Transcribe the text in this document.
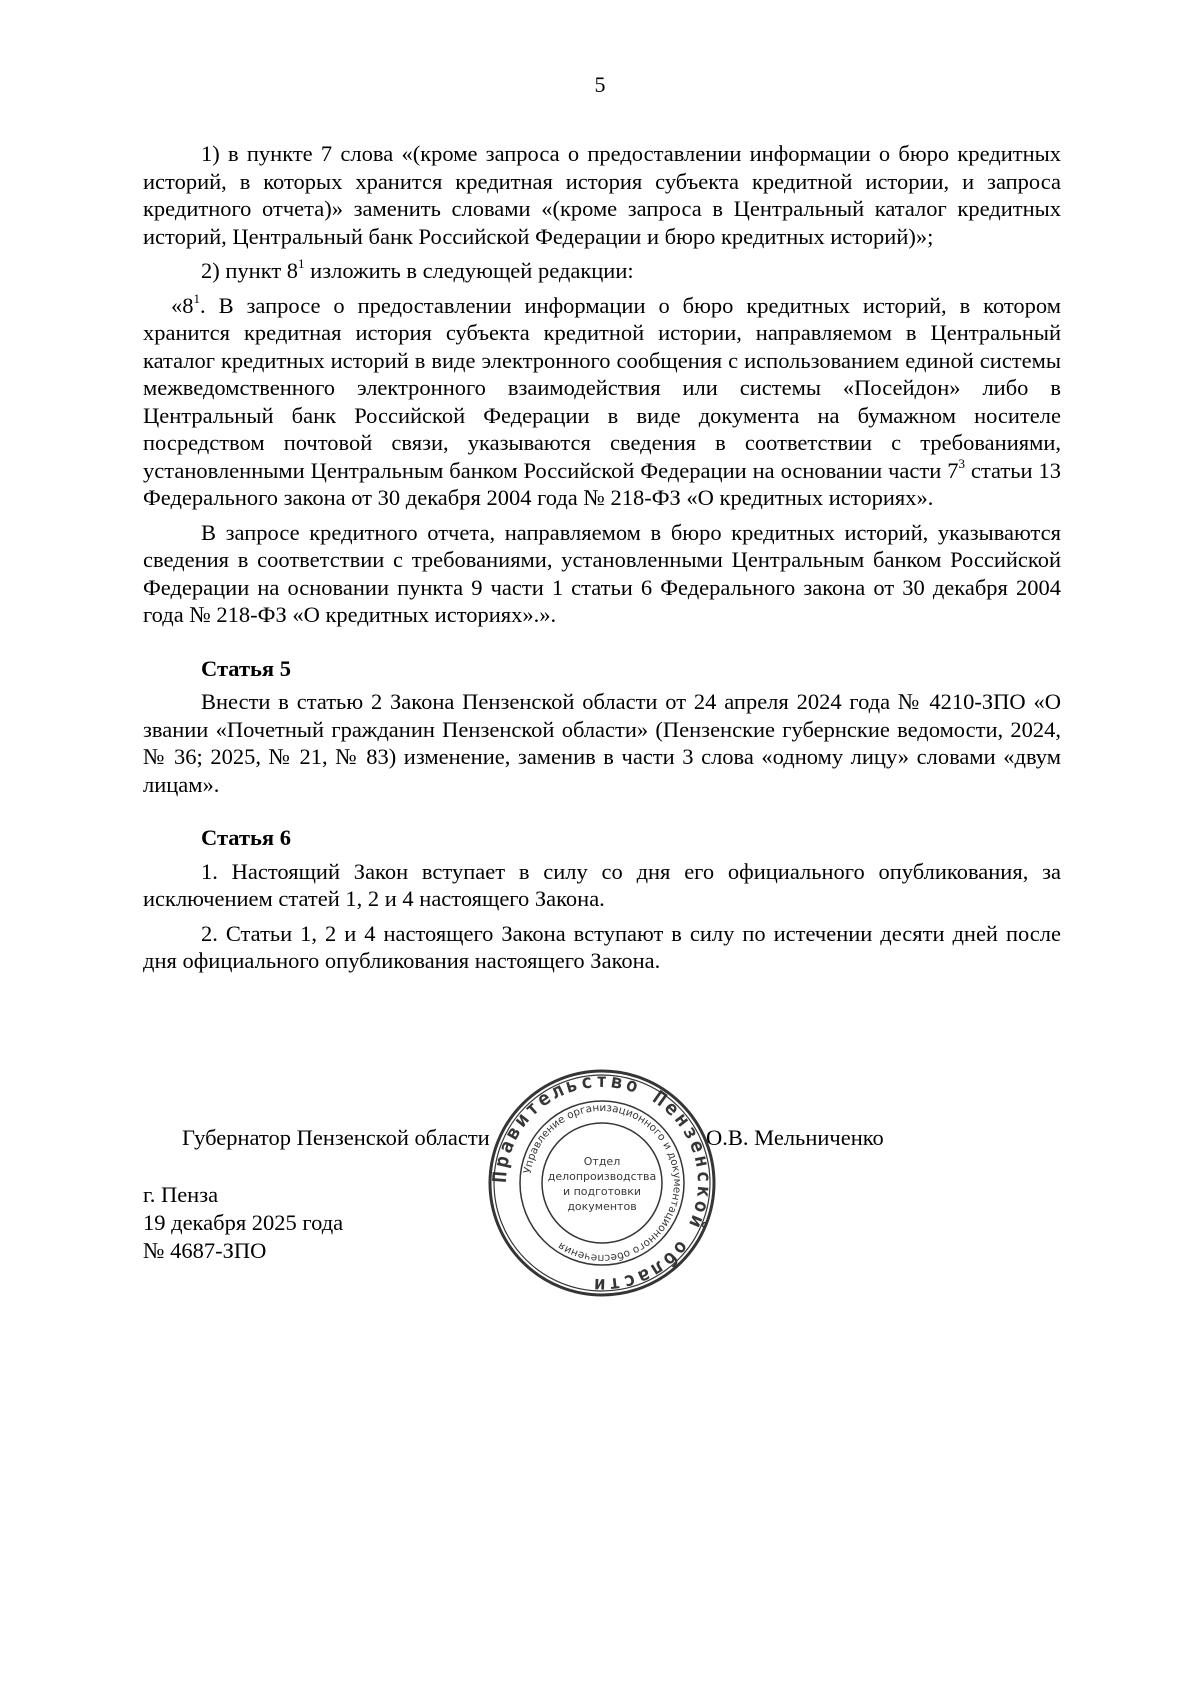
5

1) в пункте 7 слова «(кроме запроса о предоставлении информации о бюро кредитных историй, в которых хранится кредитная история субъекта кредитной истории, и запроса кредитного отчета)» заменить словами «(кроме запроса в Центральный каталог кредитных историй, Центральный банк Российской Федерации и бюро кредитных историй)»;

2) пункт $8^1$ изложить в следующей редакции:

«$8^1$. В запросе о предоставлении информации о бюро кредитных историй, в котором хранится кредитная история субъекта кредитной истории, направляемом в Центральный каталог кредитных историй в виде электронного сообщения с использованием единой системы межведомственного электронного взаимодействия или системы «Посейдон» либо в Центральный банк Российской Федерации в виде документа на бумажном носителе посредством почтовой связи, указываются сведения в соответствии с требованиями, установленными Центральным банком Российской Федерации на основании части $7^3$ статьи 13 Федерального закона от 30 декабря 2004 года № 218-ФЗ «О кредитных историях».

В запросе кредитного отчета, направляемом в бюро кредитных историй, указываются сведения в соответствии с требованиями, установленными Центральным банком Российской Федерации на основании пункта 9 части 1 статьи 6 Федерального закона от 30 декабря 2004 года № 218-ФЗ «О кредитных историях».».

Статья 5

Внести в статью 2 Закона Пензенской области от 24 апреля 2024 года № 4210-ЗПО «О звании «Почетный гражданин Пензенской области» (Пензенские губернские ведомости, 2024, № 36; 2025, № 21, № 83) изменение, заменив в части 3 слова «одному лицу» словами «двум лицам».

Статья 6

1. Настоящий Закон вступает в силу со дня его официального опубликования, за исключением статей 1, 2 и 4 настоящего Закона.

2. Статьи 1, 2 и 4 настоящего Закона вступают в силу по истечении десяти дней после дня официального опубликования настоящего Закона.

Губернатор Пензенской области	О.В. Мельниченко
г. Пенза
19 декабря 2025 года
№ 4687-ЗПО
Правительство Пензенской области
Управление организационного и документационного обеспечения
Отдел
делопроизводства
и подготовки
документов
